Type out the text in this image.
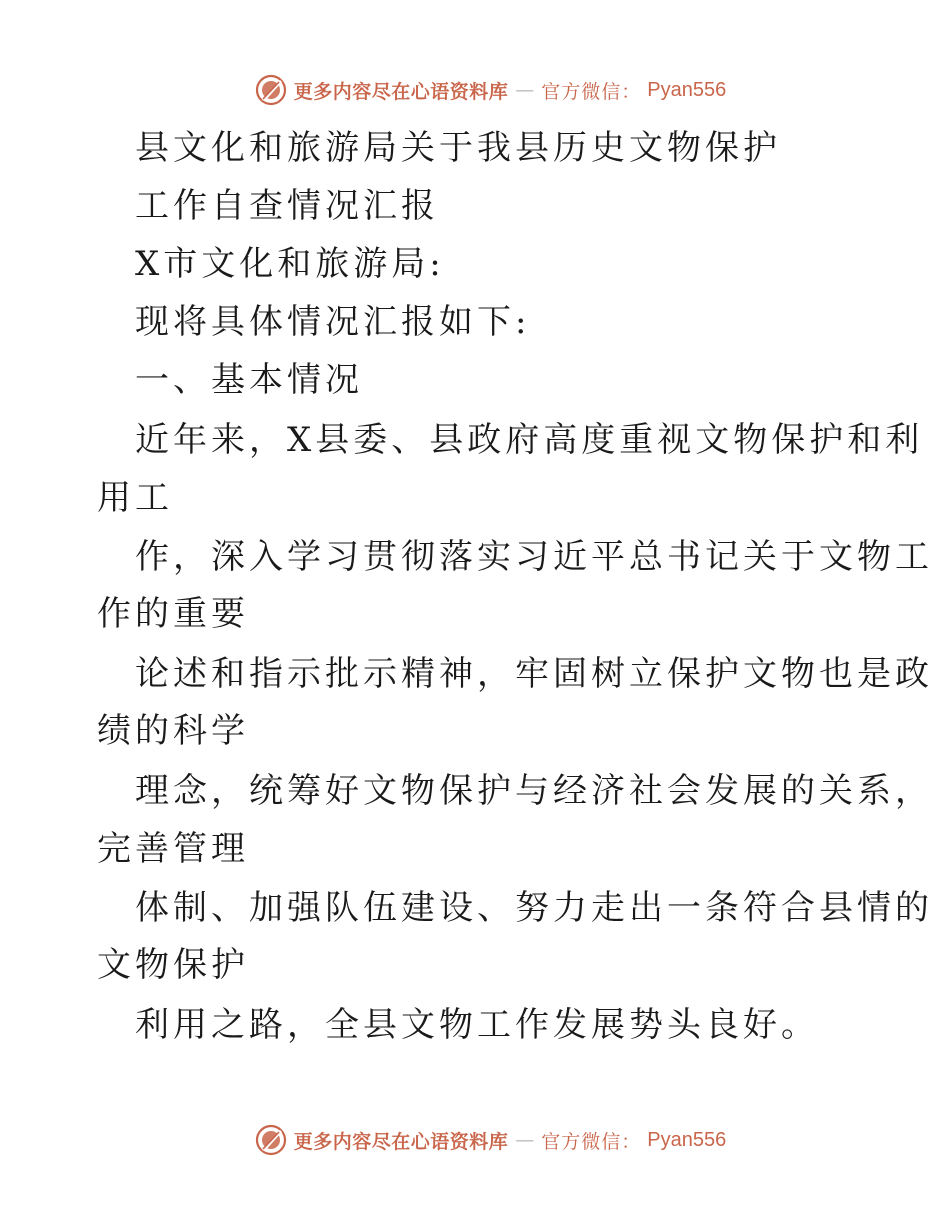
更多内容尽在心语资料库 — 官方微信： Pyan556
县文化和旅游局关于我县历史文物保护
工作自查情况汇报
X市文化和旅游局:
现将具体情况汇报如下:
一、基本情况
近年来，X县委、县政府高度重视文物保护和利
用工
作，深入学习贯彻落实习近平总书记关于文物工
作的重要
论述和指示批示精神，牢固树立保护文物也是政
绩的科学
理念，统筹好文物保护与经济社会发展的关系，
完善管理
体制、加强队伍建设、努力走出一条符合县情的
文物保护
利用之路，全县文物工作发展势头良好。
更多内容尽在心语资料库 — 官方微信： Pyan556
